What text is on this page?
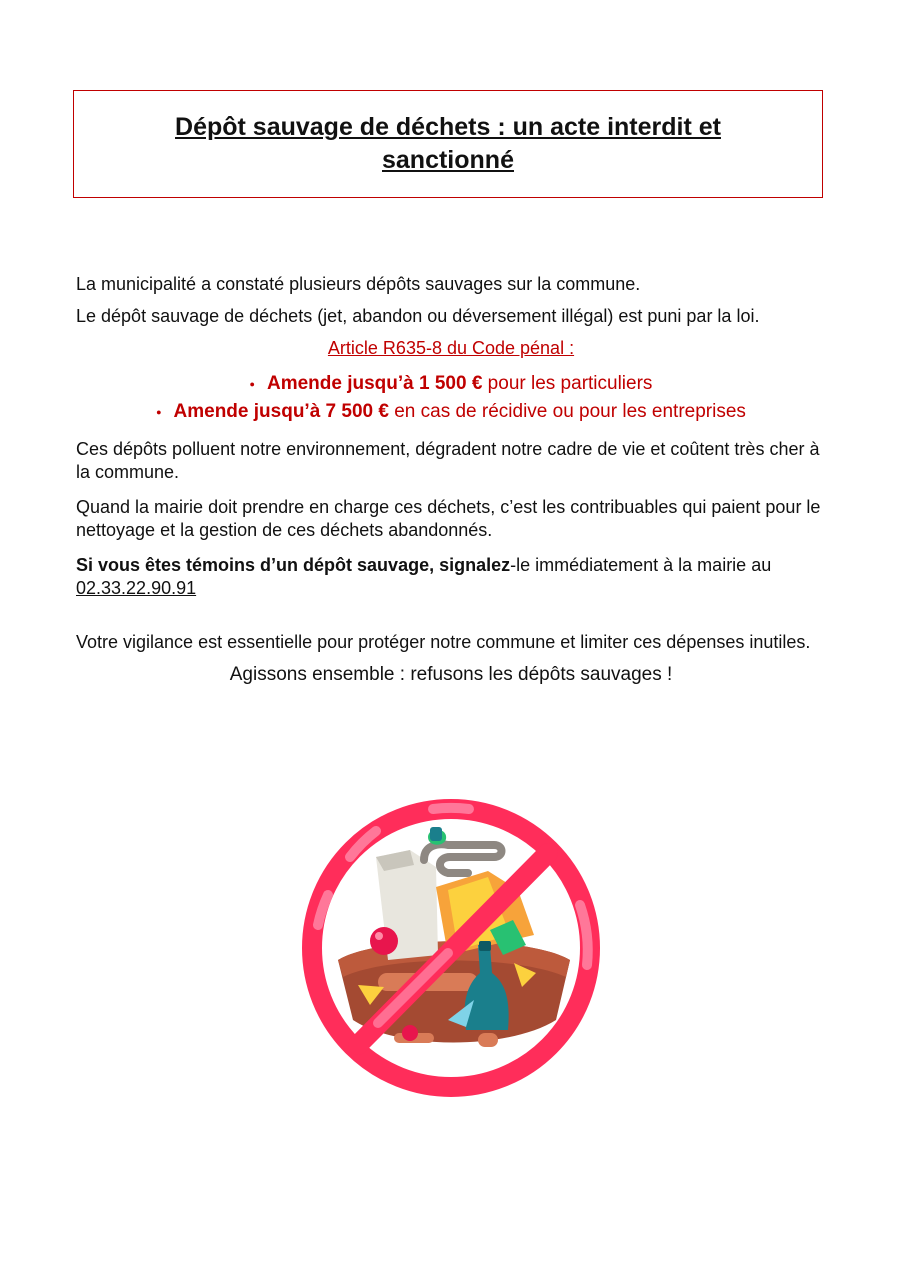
Dépôt sauvage de déchets : un acte interdit et sanctionné

La municipalité a constaté plusieurs dépôts sauvages sur la commune.

Le dépôt sauvage de déchets (jet, abandon ou déversement illégal) est puni par la loi.

Article R635-8 du Code pénal :

● Amende jusqu’à 1 500 € pour les particuliers
● Amende jusqu’à 7 500 € en cas de récidive ou pour les entreprises

Ces dépôts polluent notre environnement, dégradent notre cadre de vie et coûtent très cher à la commune.

Quand la mairie doit prendre en charge ces déchets, c’est les contribuables qui paient pour le nettoyage et la gestion de ces déchets abandonnés.

Si vous êtes témoins d’un dépôt sauvage, signalez-le immédiatement à la mairie au 02.33.22.90.91

Votre vigilance est essentielle pour protéger notre commune et limiter ces dépenses inutiles.

Agissons ensemble : refusons les dépôts sauvages !
